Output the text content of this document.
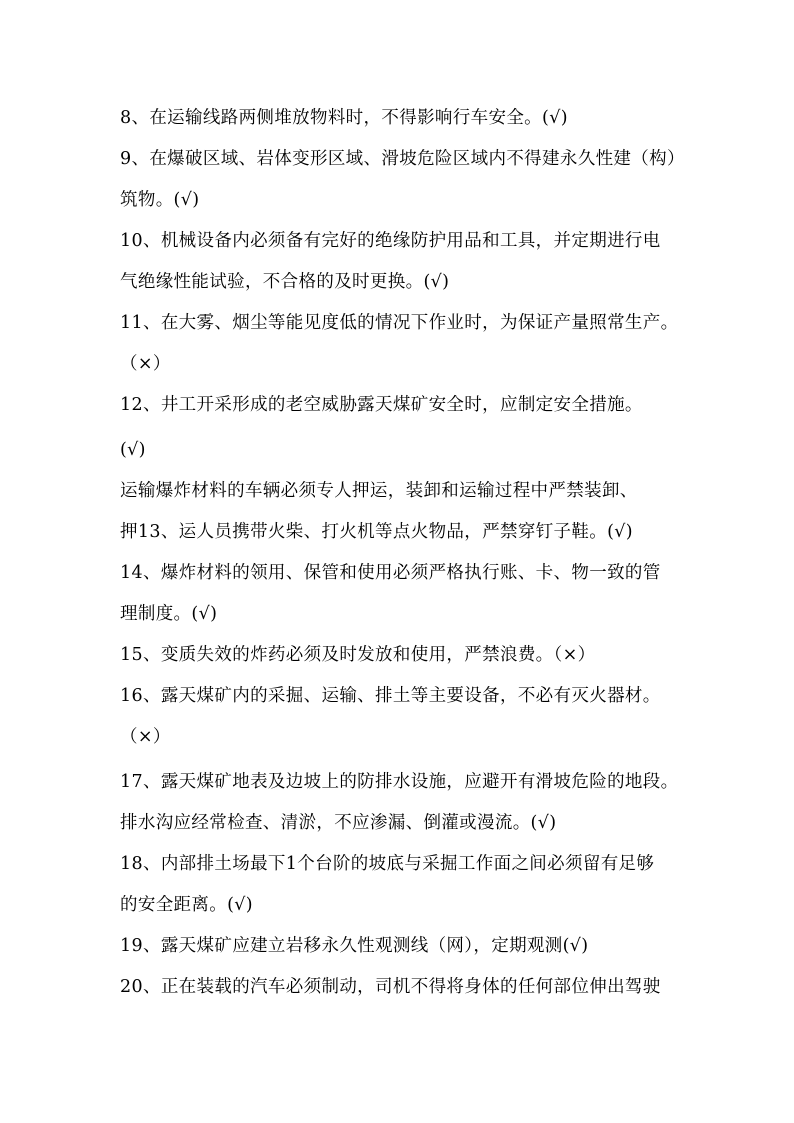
8、在运输线路两侧堆放物料时，不得影响行车安全。(√)
9、在爆破区域、岩体变形区域、滑坡危险区域内不得建永久性建（构）
筑物。(√)
10、机械设备内必须备有完好的绝缘防护用品和工具，并定期进行电
气绝缘性能试验，不合格的及时更换。(√)
11、在大雾、烟尘等能见度低的情况下作业时，为保证产量照常生产。
（×）
12、井工开采形成的老空威胁露天煤矿安全时，应制定安全措施。
(√)
运输爆炸材料的车辆必须专人押运，装卸和运输过程中严禁装卸、
押13、运人员携带火柴、打火机等点火物品，严禁穿钉子鞋。(√)
14、爆炸材料的领用、保管和使用必须严格执行账、卡、物一致的管
理制度。(√)
15、变质失效的炸药必须及时发放和使用，严禁浪费。（×）
16、露天煤矿内的采掘、运输、排土等主要设备，不必有灭火器材。
（×）
17、露天煤矿地表及边坡上的防排水设施，应避开有滑坡危险的地段。
排水沟应经常检查、清淤，不应渗漏、倒灌或漫流。(√)
18、内部排土场最下1个台阶的坡底与采掘工作面之间必须留有足够
的安全距离。(√)
19、露天煤矿应建立岩移永久性观测线（网），定期观测(√)
20、正在装载的汽车必须制动，司机不得将身体的任何部位伸出驾驶
